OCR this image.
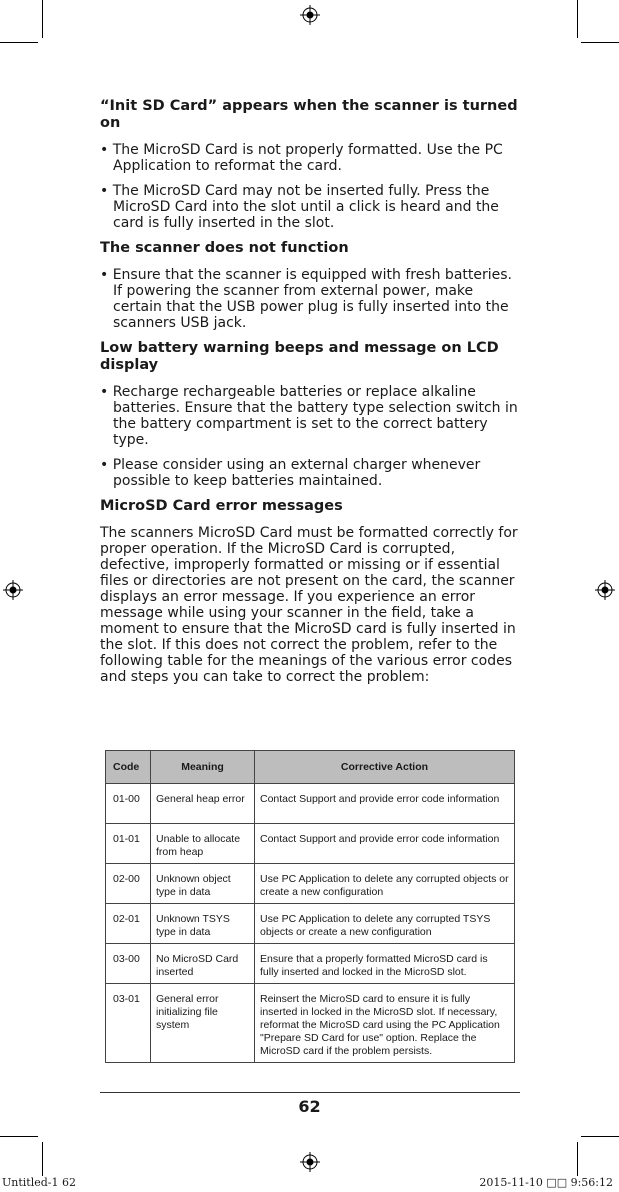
“Init SD Card” appears when the scanner is turned on

• The MicroSD Card is not properly formatted. Use the PC Application to reformat the card.

• The MicroSD Card may not be inserted fully. Press the MicroSD Card into the slot until a click is heard and the card is fully inserted in the slot.

The scanner does not function

• Ensure that the scanner is equipped with fresh batteries. If powering the scanner from external power, make certain that the USB power plug is fully inserted into the scanners USB jack.

Low battery warning beeps and message on LCD display

• Recharge rechargeable batteries or replace alkaline batteries. Ensure that the battery type selection switch in the battery compartment is set to the correct battery type.

• Please consider using an external charger whenever possible to keep batteries maintained.

MicroSD Card error messages

The scanners MicroSD Card must be formatted correctly for proper operation. If the MicroSD Card is corrupted, defective, improperly formatted or missing or if essential files or directories are not present on the card, the scanner displays an error message. If you experience an error message while using your scanner in the field, take a moment to ensure that the MicroSD card is fully inserted in the slot. If this does not correct the problem, refer to the following table for the meanings of the various error codes and steps you can take to correct the problem:

Code	Meaning	Corrective Action
01-00	General heap error	Contact Support and provide error code information
01-01	Unable to allocate from heap	Contact Support and provide error code information
02-00	Unknown object type in data	Use PC Application to delete any corrupted objects or create a new configuration
02-01	Unknown TSYS type in data	Use PC Application to delete any corrupted TSYS objects or create a new configuration
03-00	No MicroSD Card inserted	Ensure that a properly formatted MicroSD card is fully inserted and locked in the MicroSD slot.
03-01	General error initializing file system	Reinsert the MicroSD card to ensure it is fully inserted in locked in the MicroSD slot. If necessary, reformat the MicroSD card using the PC Application "Prepare SD Card for use" option. Replace the MicroSD card if the problem persists.
62
Untitled-1 62	2015-11-10 □□ 9:56:12
